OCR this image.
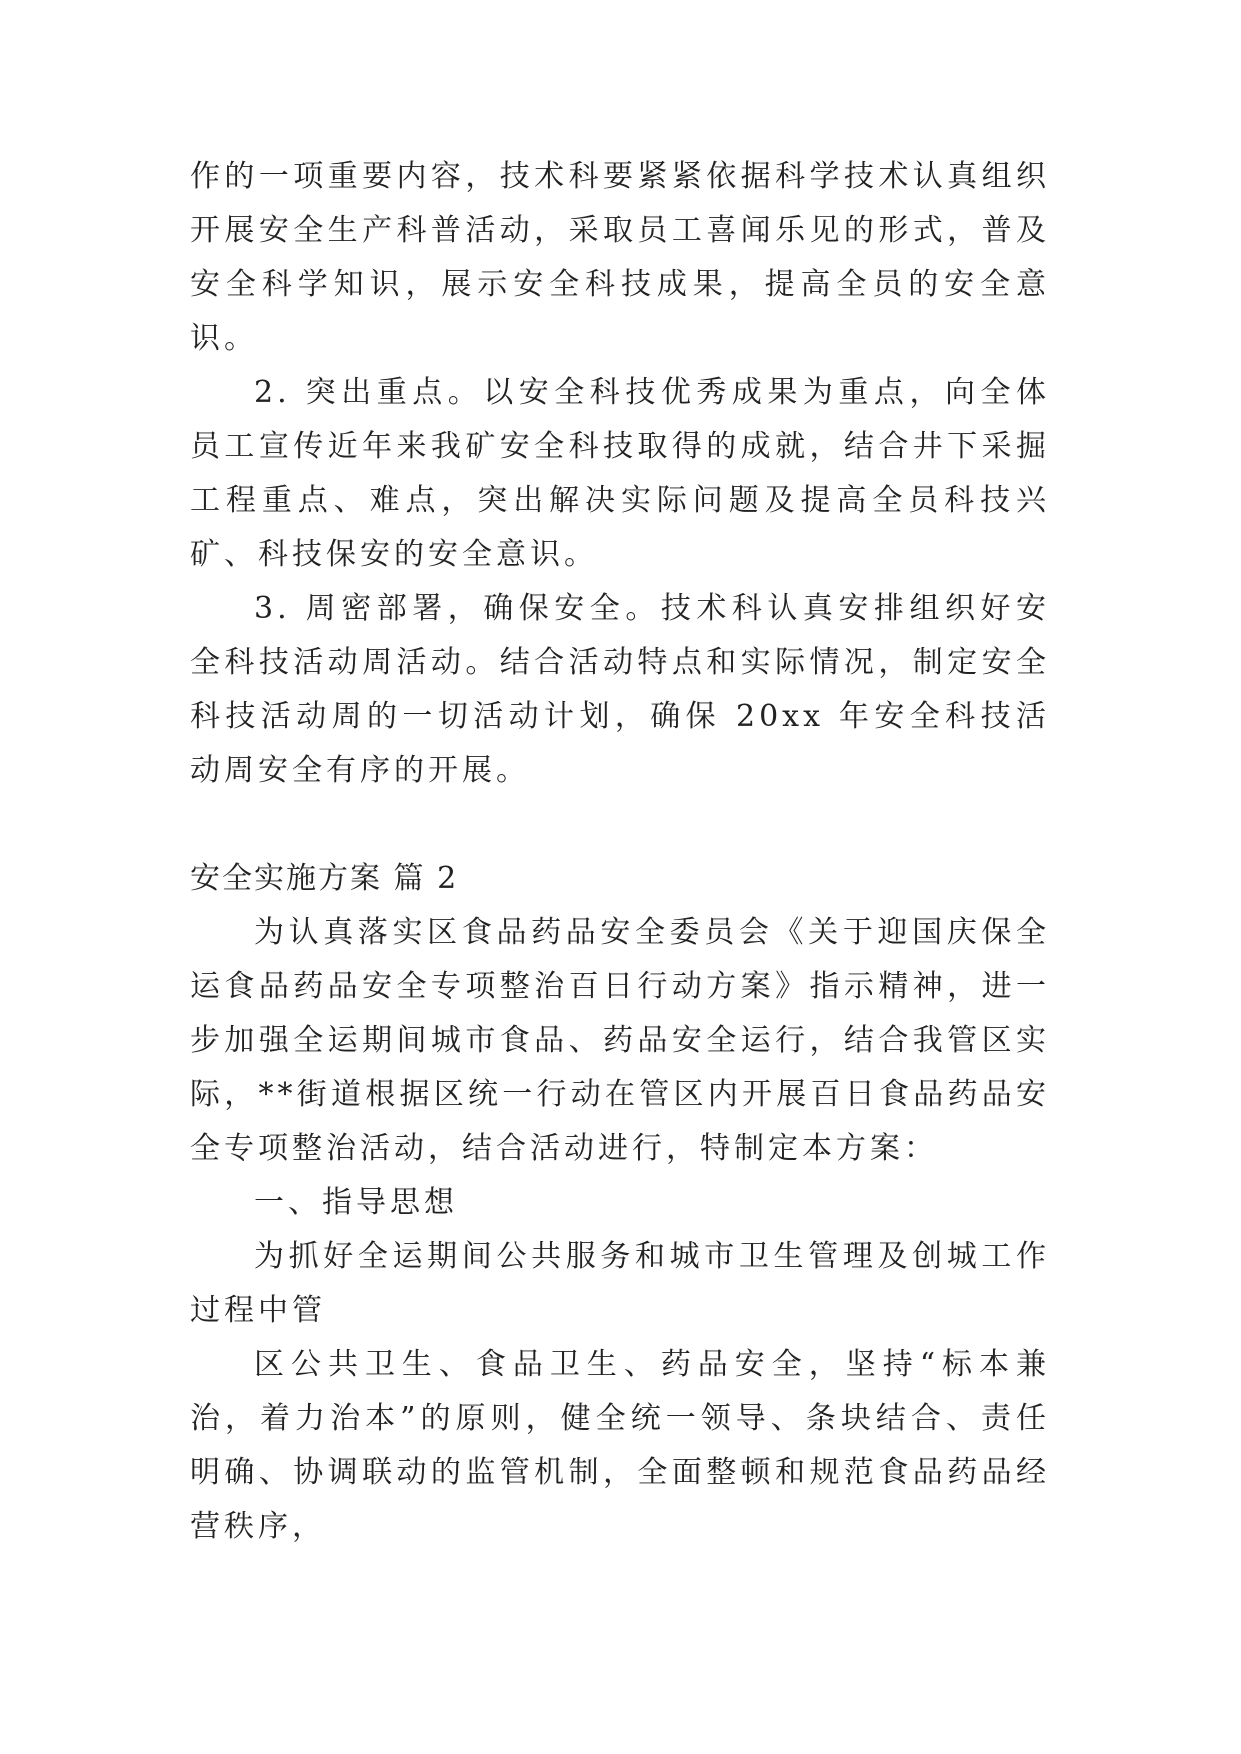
作的一项重要内容，技术科要紧紧依据科学技术认真组织开展安全生产科普活动，采取员工喜闻乐见的形式，普及安全科学知识，展示安全科技成果，提高全员的安全意识。

2. 突出重点。以安全科技优秀成果为重点，向全体员工宣传近年来我矿安全科技取得的成就，结合井下采掘工程重点、难点，突出解决实际问题及提高全员科技兴矿、科技保安的安全意识。

3. 周密部署，确保安全。技术科认真安排组织好安全科技活动周活动。结合活动特点和实际情况，制定安全科技活动周的一切活动计划，确保 20xx 年安全科技活动周安全有序的开展。

安全实施方案 篇 2

为认真落实区食品药品安全委员会《关于迎国庆保全运食品药品安全专项整治百日行动方案》指示精神，进一步加强全运期间城市食品、药品安全运行，结合我管区实际，**街道根据区统一行动在管区内开展百日食品药品安全专项整治活动，结合活动进行，特制定本方案：

一、指导思想

为抓好全运期间公共服务和城市卫生管理及创城工作过程中管

区公共卫生、食品卫生、药品安全，坚持“标本兼治，着力治本”的原则，健全统一领导、条块结合、责任明确、协调联动的监管机制，全面整顿和规范食品药品经营秩序，
